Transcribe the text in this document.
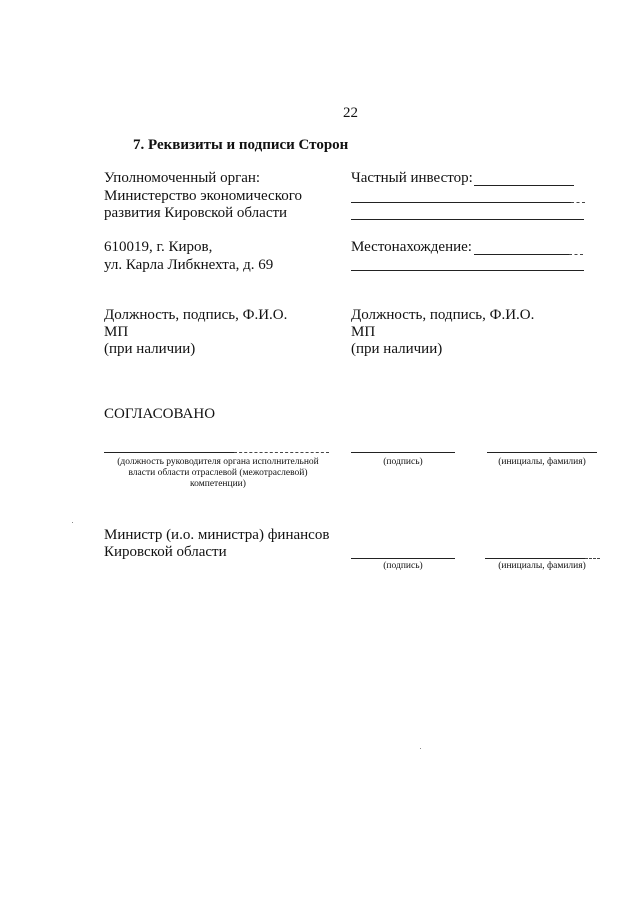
22
7. Реквизиты и подписи Сторон
Уполномоченный орган:
Министерство экономического
развития Кировской области
610019, г. Киров,
ул. Карла Либкнехта, д. 69
Должность, подпись, Ф.И.О.
МП
(при наличии)
Частный инвестор:
Местонахождение:
Должность, подпись, Ф.И.О.
МП
(при наличии)
СОГЛАСОВАНО
(должность руководителя органа исполнительной власти области отраслевой (межотраслевой) компетенции)
(подпись)	(инициалы, фамилия)
Министр (и.о. министра) финансов
Кировской области
(подпись)	(инициалы, фамилия)
